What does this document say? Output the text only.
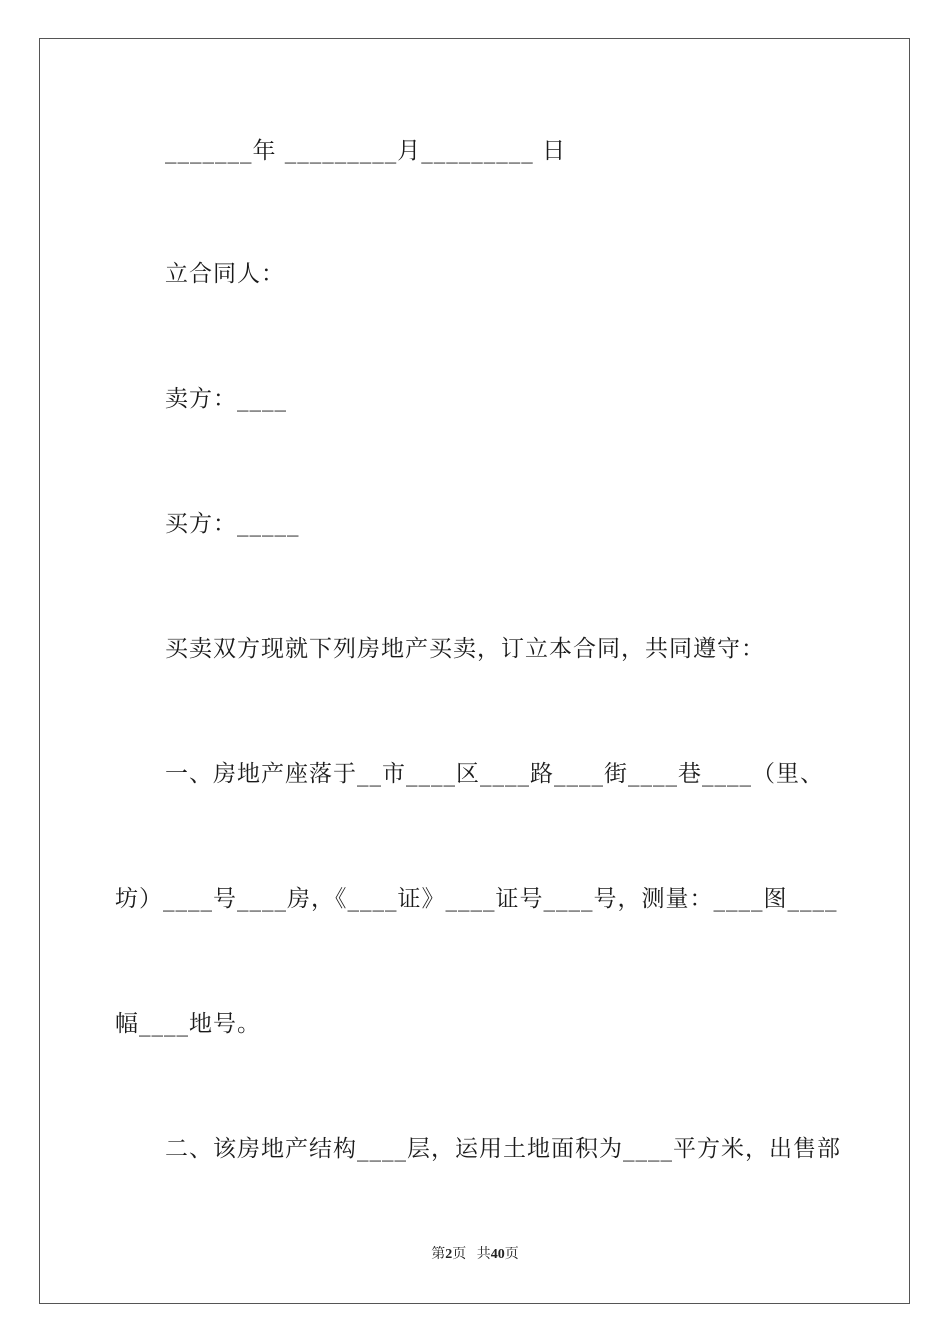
_______年 _________月_________ 日
立合同人：
卖方：____
买方：_____
买卖双方现就下列房地产买卖，订立本合同，共同遵守：
一、房地产座落于__市____区____路____街____巷____（里、
坊）____号____房，《____证》____证号____号，测量：____图____
幅____地号。
二、该房地产结构____层，运用土地面积为____平方米，出售部
第2页 共40页
